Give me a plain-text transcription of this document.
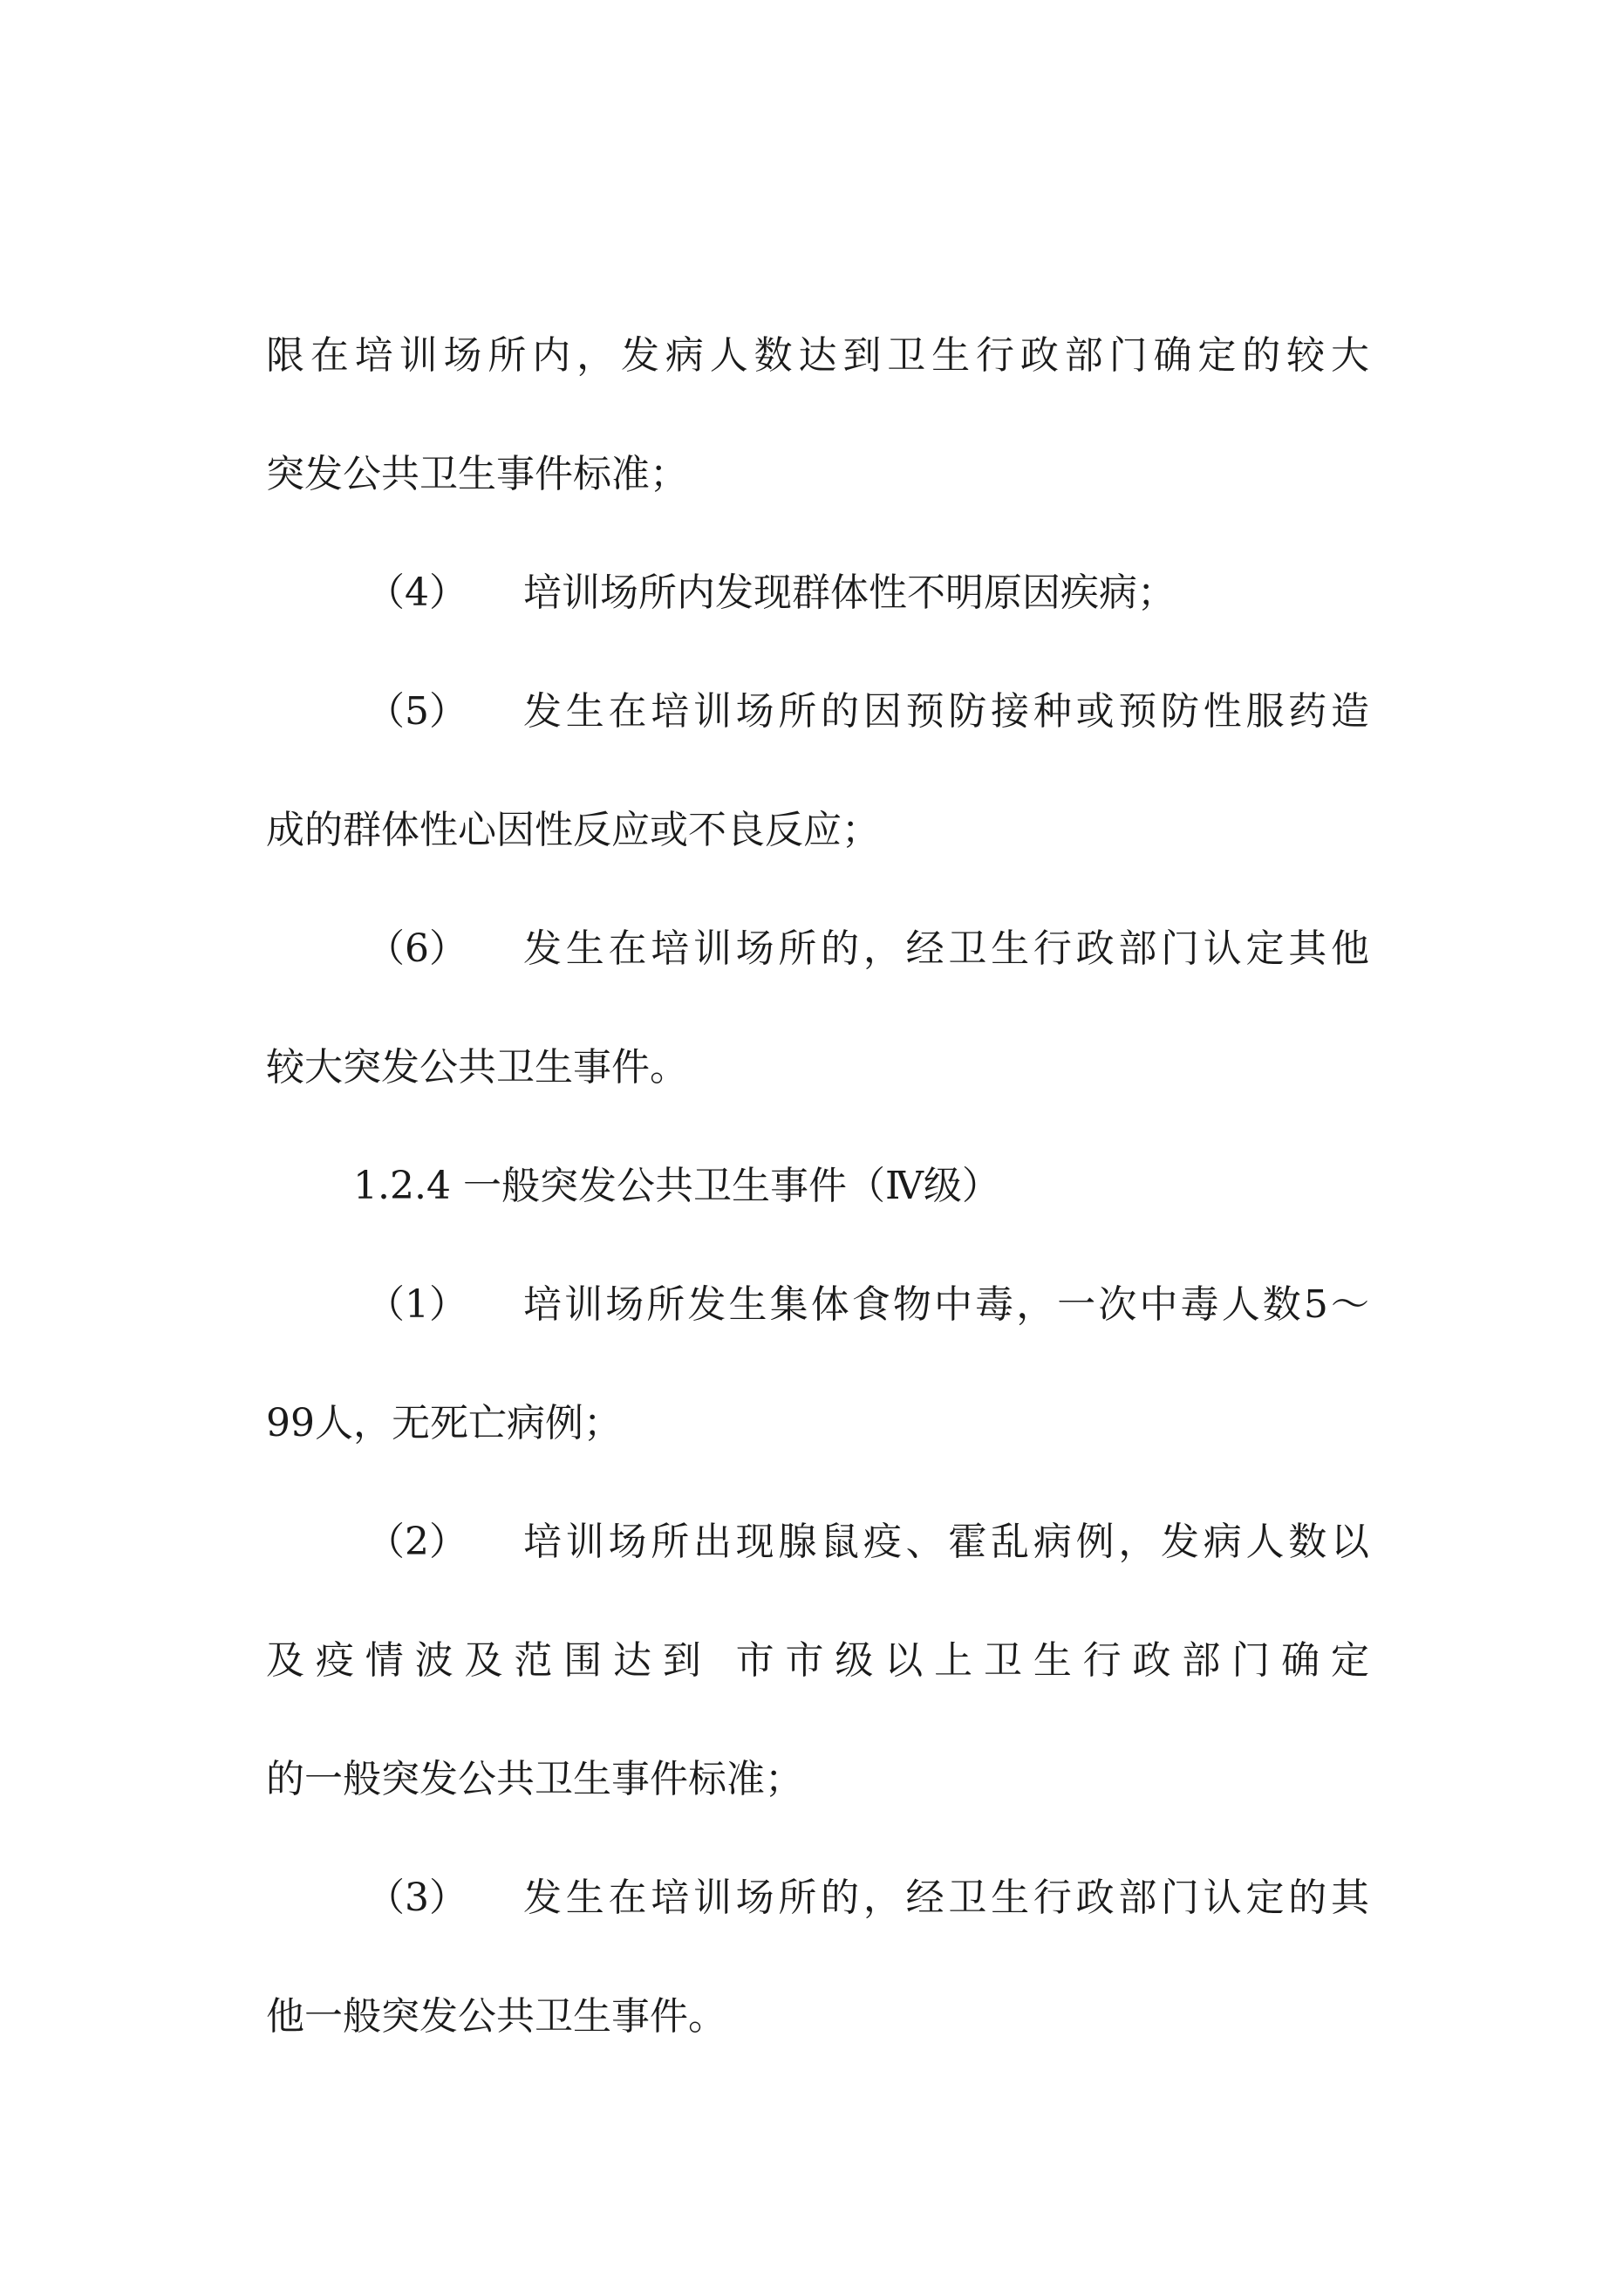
限在培训场所内，发病人数达到卫生行政部门确定的较大
突发公共卫生事件标准；
（4）	培训场所内发现群体性不明原因疾病；
（5）	发生在培训场所的因预防接种或预防性服药造
成的群体性心因性反应或不良反应；
（6）	发生在培训场所的，经卫生行政部门认定其他
较大突发公共卫生事件。
1.2.4 一般突发公共卫生事件（Ⅳ级）
（1）	培训场所发生集体食物中毒，一次中毒人数5〜
99人，无死亡病例；
（2）	培训场所出现腺鼠疫、霍乱病例，发病人数以
及疫情波及范围达到 市市级以上卫生行政部门确定
的一般突发公共卫生事件标准；
（3）	发生在培训场所的，经卫生行政部门认定的其
他一般突发公共卫生事件。
